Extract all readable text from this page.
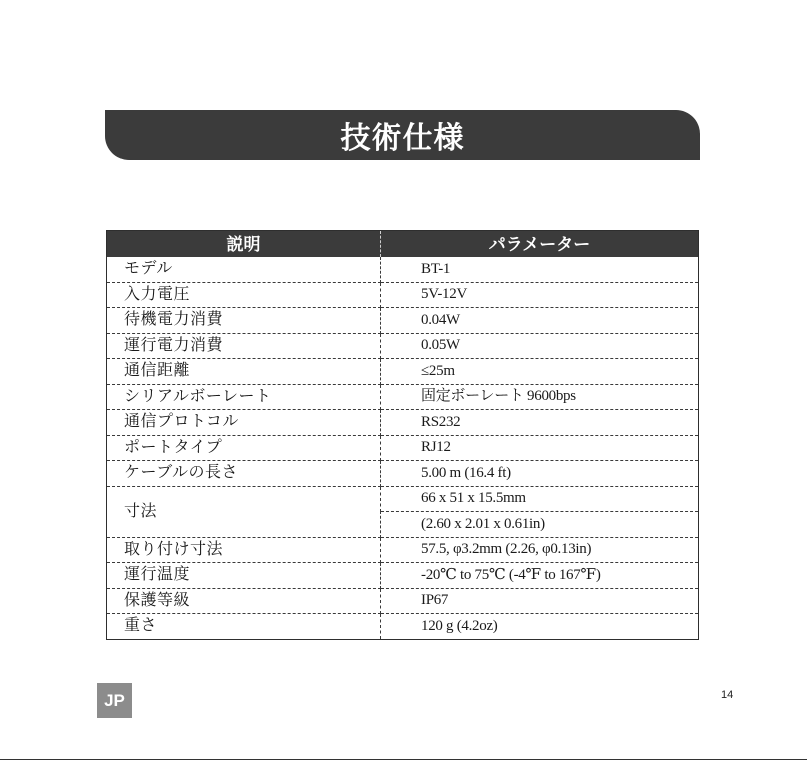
技術仕様
説明	パラメーター
モデル	BT-1
入力電圧	5V-12V
待機電力消費	0.04W
運行電力消費	0.05W
通信距離	≤25m
シリアルボーレート	固定ボーレート 9600bps
通信プロトコル	RS232
ポートタイプ	RJ12
ケーブルの長さ	5.00 m (16.4 ft)
寸法	66 x 51 x 15.5mm
	(2.60 x 2.01 x 0.61in)
取り付け寸法	57.5, φ3.2mm (2.26, φ0.13in)
運行温度	-20℃ to 75℃ (-4℉ to 167℉)
保護等級	IP67
重さ	120 g (4.2oz)
JP	14
